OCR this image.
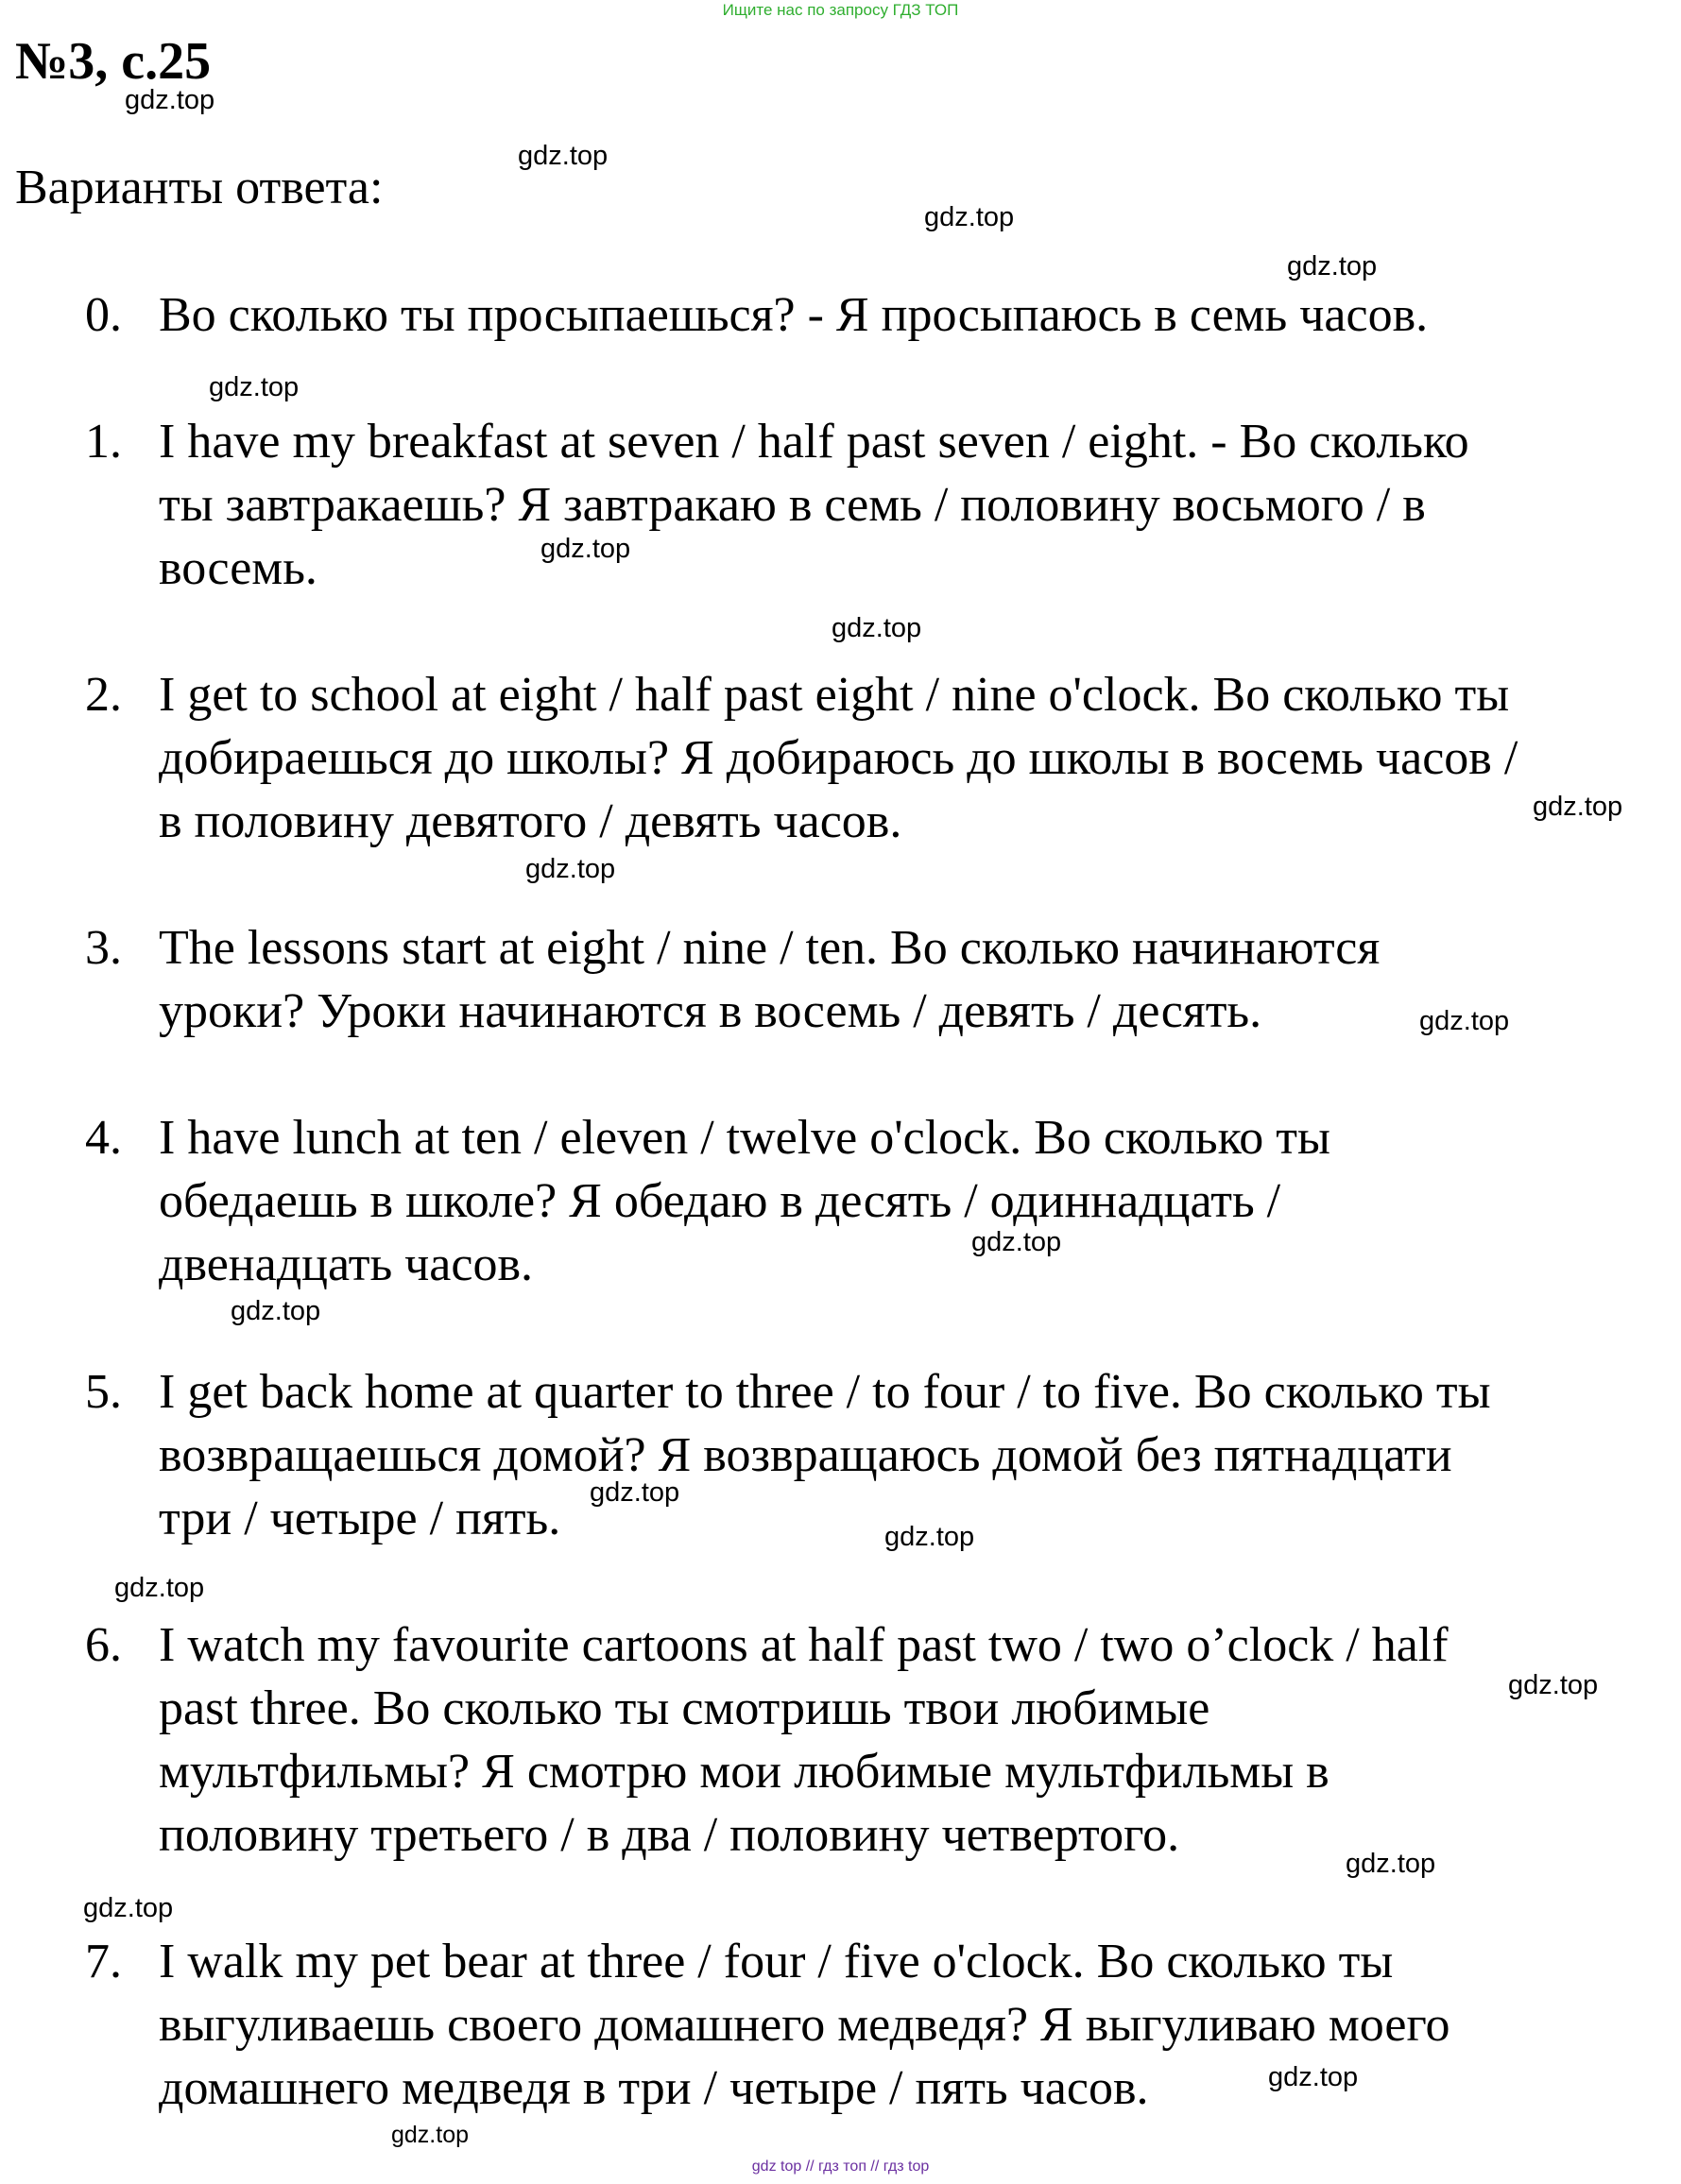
Ищите нас по запросу ГДЗ ТОП
№3, с.25
Варианты ответа:
0. Во сколько ты просыпаешься? - Я просыпаюсь в семь часов.
1. I have my breakfast at seven / half past seven / eight. - Во сколько
ты завтракаешь? Я завтракаю в семь / половину восьмого / в
восемь.
2. I get to school at eight / half past eight / nine o'clock. Во сколько ты
добираешься до школы? Я добираюсь до школы в восемь часов /
в половину девятого / девять часов.
3. The lessons start at eight / nine / ten. Во сколько начинаются
уроки? Уроки начинаются в восемь / девять / десять.
4. I have lunch at ten / eleven / twelve o'clock. Во сколько ты
обедаешь в школе? Я обедаю в десять / одиннадцать /
двенадцать часов.
5. I get back home at quarter to three / to four / to five. Во сколько ты
возвращаешься домой? Я возвращаюсь домой без пятнадцати
три / четыре / пять.
6. I watch my favourite cartoons at half past two / two o’clock / half
past three. Во сколько ты смотришь твои любимые
мультфильмы? Я смотрю мои любимые мультфильмы в
половину третьего / в два / половину четвертого.
7. I walk my pet bear at three / four / five o'clock. Во сколько ты
выгуливаешь своего домашнего медведя? Я выгуливаю моего
домашнего медведя в три / четыре / пять часов.
gdz.top
gdz.top
gdz.top
gdz.top
gdz.top
gdz.top
gdz.top
gdz.top
gdz.top
gdz.top
gdz.top
gdz.top
gdz.top
gdz.top
gdz.top
gdz.top
gdz.top
gdz.top
gdz.top
gdz.top
gdz top // гдз топ // гдз top
